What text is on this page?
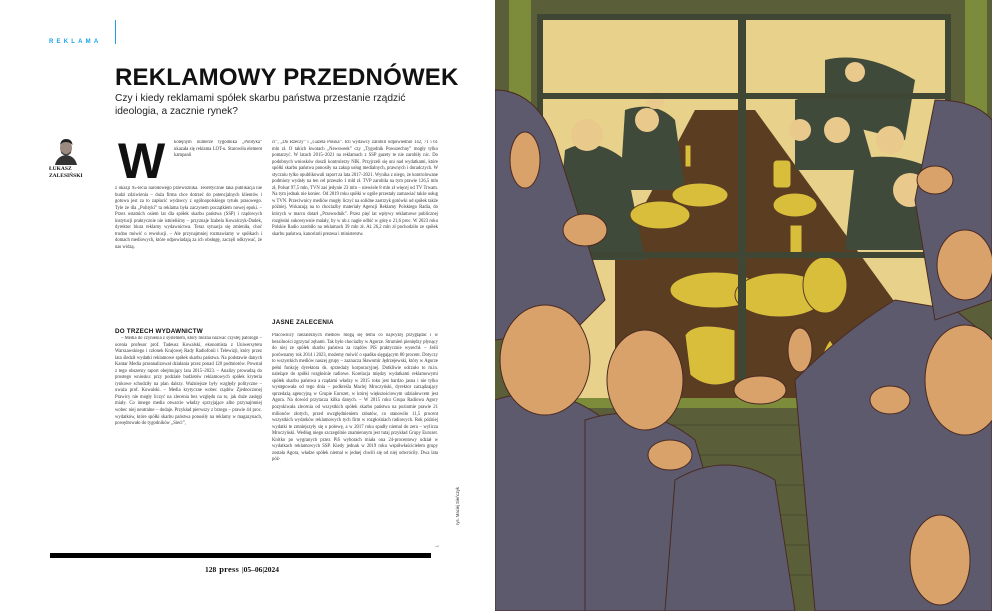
REKLAMA
REKLAMOWY PRZEDNÓWEK
Czy i kiedy reklamami spółek skarbu państwa przestanie rządzić ideologia, a zacznie rynek?
ŁUKASZ
ZALESIŃSKI W kolejnym numerze tygodnika „Polityka” ukazała się reklama LOT-u. Starowiła element kampanii

z okazji 95-lecia narodowego przewoźnika. Teoretycznie taka publikacja nie budzi zdziwienia – duża firma chce dotrzeć do potencjalnych klientów i gotowa jest za to zapłacić wydawcy z ogólnopolskiego tytułu prasowego. Tyle że dla „Polityki” ta reklama była zaczynem początkiem nowej epoki. – Przez ostatnich osiem lat dla spółek skarbu państwa (SSP) i rządowych instytucji praktycznie nie istnieliśmy – przyznaje Izabela Kowalczyk-Dudek, dyrektor biura reklamy wydawnictwa. Teraz sytuacja się zmieniła, choć trudno mówić o rewolucji. – Ale przynajmniej rozmawiamy w spółkach i domach mediowych, które odpowiadają za ich obsługę, zaczęli odkrywać, że nas widzą.

DO TRZECH WYDAWNICTW

– Media do czynienia z systemem, który można nazwać czystej patologii – ocenia profesor prof. Tadeusz Kowalski, ekonomista z Uniwersytetu Warszawskiego i członek Krajowej Rady Radiofonii i Telewizji, który przez lata śledził wydatki reklamowe spółek skarbu państwa. Na podstawie danych Kantar Media przeanalizował działania przez ponad 120 podmiotów. Powstał z tego obszerny raport obejmujący lata 2015–2023. – Analizy prowadzą do prostego wniosku: przy podziale budżetów reklamowych spółek kryteria rynkowe schodziły na plan dalszy. Ważniejsze były względy polityczne – uważa prof. Kowalski. – Media krytyczne wobec rządów Zjednoczonej Prawicy nie mogły liczyć na zlecenia bez względu na to, jak duże zasięgi miały. Co innego media otwarcie władzy sprzyjające albo przynajmniej wobec niej neutralne – dodaje. Przykład pierwszy z brzegu – prawie 44 proc. wydatków, które spółki skarbu państwa ponosiły na reklamy w magazynach, powędrowało do tygodników „Sieci”,

ci”, „Do Rzeczy” i „Gazeta Polska”. Ich wydawcy zarobili odpowiednio 142, 71 i 61 mln zł. O takich kwotach „Newsweek” czy „Tygodnik Powszechny” mogły tylko pomarzyć. W latach 2015–2021 na reklamach z SSP gazety te nie zarobiły nic. Do podobnych wniosków doszli kontrolerzy NIK. Przyjrzeli się oni nad wydatkami, które spółki skarbu państwa ponosiły na zakup usług medialnych, prawnych i doradczych. W styczniu tylko opublikowali raport za lata 2017–2021. Wynika z niego, że kontrolowane podmioty wydały na ten cel przeszło 1 mld zł. TVP zarobiła na tym prawie 126,5 mln zł, Polsat 97,5 mln, TVN zaś jedynie 23 mln – niewiele 8 mln zł więcej od TV Trwam. Na tym jednak nie koniec. Od 2019 roku spółki w ogóle przestały zamawiać także usług w TVN. Przeciwnicy mediów mogły liczyć na solidne zastrzyk gotówki od spółek także później. Wskazują na to chociażby materiały Agencji Reklamy Polskiego Radia, do których w marcu dotarł „Przewodnik”. Przez pięć lat wpływy reklamowe publicznej rozgłośni sukcesywnie malały, by w ub.r. nagle odbić w górę o 21,6 proc. W 2023 roku Polskie Radio zarobiło na reklamach 39 mln zł. Aż 26,2 mln zł pochodziło ze spółek skarbu państwa, kancelarii prezesa i ministerstw.

JASNE ZALECENIA

Pracownicy niezależnych mediów mogą się temu co najwyżej przyglądać i w bezsilności zgrzytać zębami. Tak było chociażby w Agorze. Strumień pieniędzy płynący do niej ze spółek skarbu państwa za rządów PiS praktycznie wysechł. – Jeśli porównamy rok 2014 i 2023, możemy mówić o spadku sięgającym 80 procent. Dotyczy to wszystkich mediów naszej grupy – zaznacza Sławomir Jędrzejewski, który w Agorze pełni funkcję dyrektora ds. sprzedaży korporacyjnej. Dotkliwie odczuło to m.in. należące do spółki rozgłośnie radiowe. Korelacja między wydatkami reklamowymi spółek skarbu państwa a rządami władzy w 2015 roku jest bardzo jasna i nie tylko występowała od tego dnia – podkreśla Maciej Mroczyński, dyrektor zarządzający sprzedażą agencyjną w Grupie Eurozet, w której większościowym udziałowcem jest Agora. Na dowód przytacza kilka danych. – W 2015 roku Grupa Radiowa Agory pozyskiwała zlecenia od wszystkich spółek skarbu państwa na poziomie prawie 21 milionów złotych, przed uwzględnieniem rabatów, co stanowiło 11,5 procent wszystkich wydatków reklamowych tych firm w rozgłośniach radiowych. Rok później wydatki te zmniejszyły się o połowę, a w 2017 roku spadły niemal do zera – wylicza Mroczyński. Według niego szczególnie znamiennym jest tutaj przykład Grupy Eurozet. Krótko po wygranych przez PiS wyborach miała ona 24-procentowy udział w wydatkach reklamowych SSP. Kiedy jednak w 2019 roku współwłaścicielem grupy została Agora, władze spółek niemal w jednej chwili się od niej odwróciły. Dwa lata póź-

→
128 press |05–06|2024
rys. Maciej Sieńczyk
